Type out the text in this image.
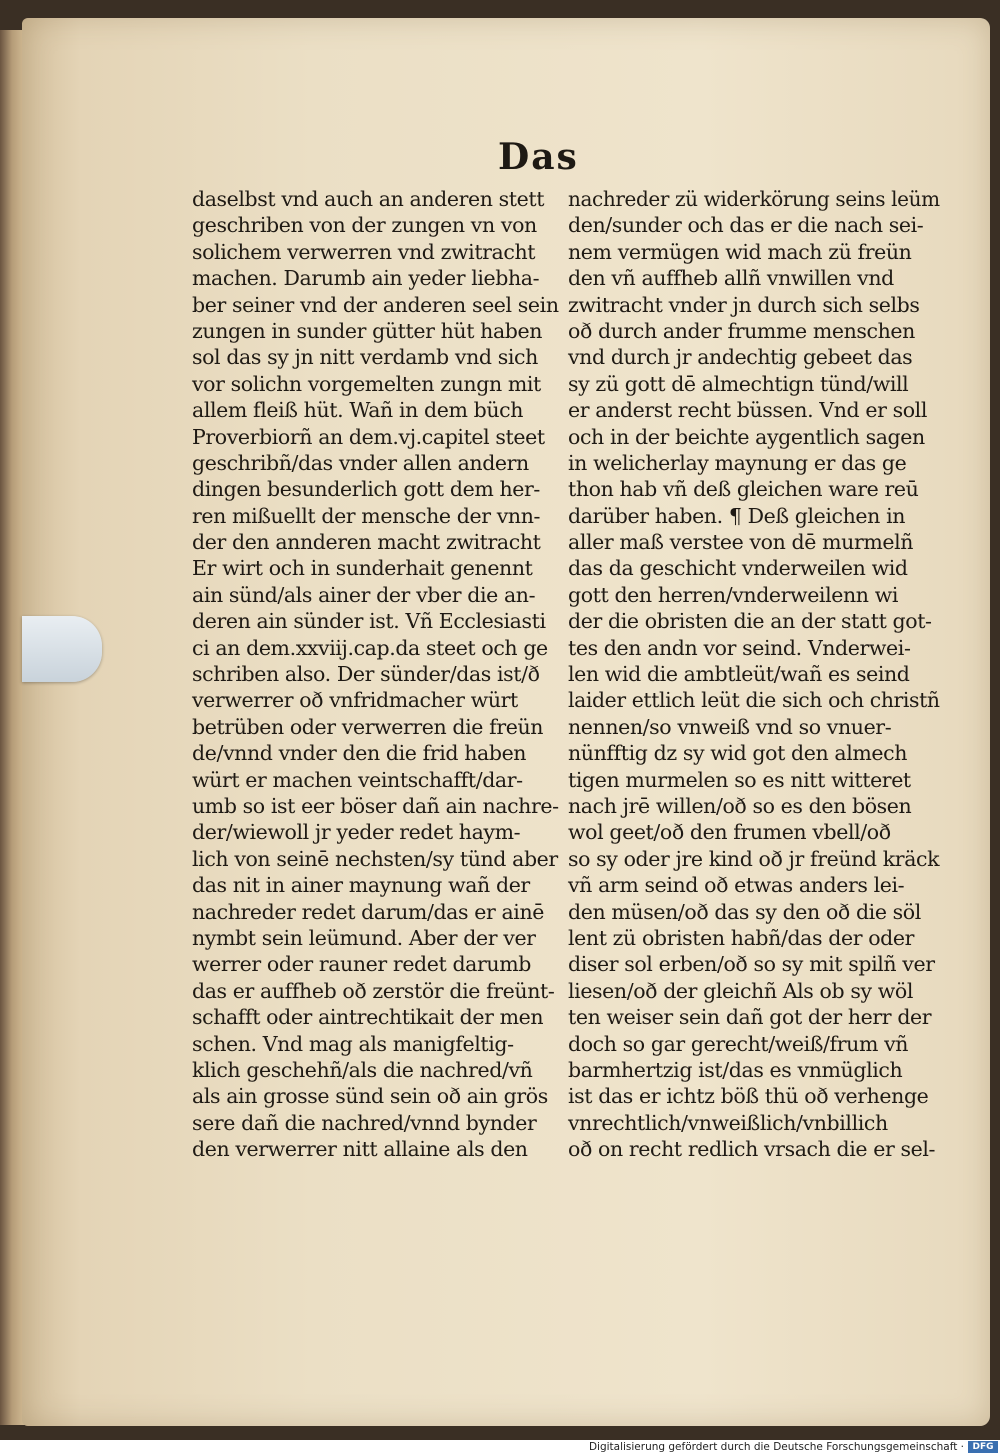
Das
daselbst vnd auch an anderen stett
geschriben von der zungen vn von
solichem verwerren vnd zwitracht
machen. Darumb ain yeder liebha-
ber seiner vnd der anderen seel sein
zungen in sunder gütter hüt haben
sol das sy jn nitt verdamb vnd sich
vor solichn vorgemelten zungn mit
allem fleiß hüt. Wañ in dem büch
Proverbiorñ an dem.vj.capitel steet
geschribñ/das vnder allen andern
dingen besunderlich gott dem her-
ren mißuellt der mensche der vnn-
der den annderen macht zwitracht
Er wirt och in sunderhait genennt
ain sünd/als ainer der vber die an-
deren ain sünder ist. Vñ Ecclesiasti
ci an dem.xxviij.cap.da steet och ge
schriben also. Der sünder/das ist/ð
verwerrer oð vnfridmacher würt
betrüben oder verwerren die freün
de/vnnd vnder den die frid haben
würt er machen veintschafft/dar-
umb so ist eer böser dañ ain nachre-
der/wiewoll jr yeder redet haym-
lich von seinē nechsten/sy tünd aber
das nit in ainer maynung wañ der
nachreder redet darum/das er ainē
nymbt sein leümund. Aber der ver
werrer oder rauner redet darumb
das er auffheb oð zerstör die freünt-
schafft oder aintrechtikait der men
schen. Vnd mag als manigfeltig-
klich geschehñ/als die nachred/vñ
als ain grosse sünd sein oð ain grös
sere dañ die nachred/vnnd bynder
den verwerrer nitt allaine als den
nachreder zü widerkörung seins leüm
den/sunder och das er die nach sei-
nem vermügen wid mach zü freün
den vñ auffheb allñ vnwillen vnd
zwitracht vnder jn durch sich selbs
oð durch ander frumme menschen
vnd durch jr andechtig gebeet das
sy zü gott dē almechtign tünd/will
er anderst recht büssen. Vnd er soll
och in der beichte aygentlich sagen
in welicherlay maynung er das ge
thon hab vñ deß gleichen ware reū
darüber haben. ¶ Deß gleichen in
aller maß verstee von dē murmelñ
das da geschicht vnderweilen wid
gott den herren/vnderweilenn wi
der die obristen die an der statt got-
tes den andn vor seind. Vnderwei-
len wid die ambtleüt/wañ es seind
laider ettlich leüt die sich och christñ
nennen/so vnweiß vnd so vnuer-
nünfftig dz sy wid got den almech
tigen murmelen so es nitt witteret
nach jrē willen/oð so es den bösen
wol geet/oð den frumen vbell/oð
so sy oder jre kind oð jr freünd kräck
vñ arm seind oð etwas anders lei-
den müsen/oð das sy den oð die söl
lent zü obristen habñ/das der oder
diser sol erben/oð so sy mit spilñ ver
liesen/oð der gleichñ Als ob sy wöl
ten weiser sein dañ got der herr der
doch so gar gerecht/weiß/frum vñ
barmhertzig ist/das es vnmüglich
ist das er ichtz böß thü oð verhenge
vnrechtlich/vnweißlich/vnbillich
oð on recht redlich vrsach die er sel-
Digitalisierung gefördert durch die Deutsche Forschungsgemeinschaft · DFG
